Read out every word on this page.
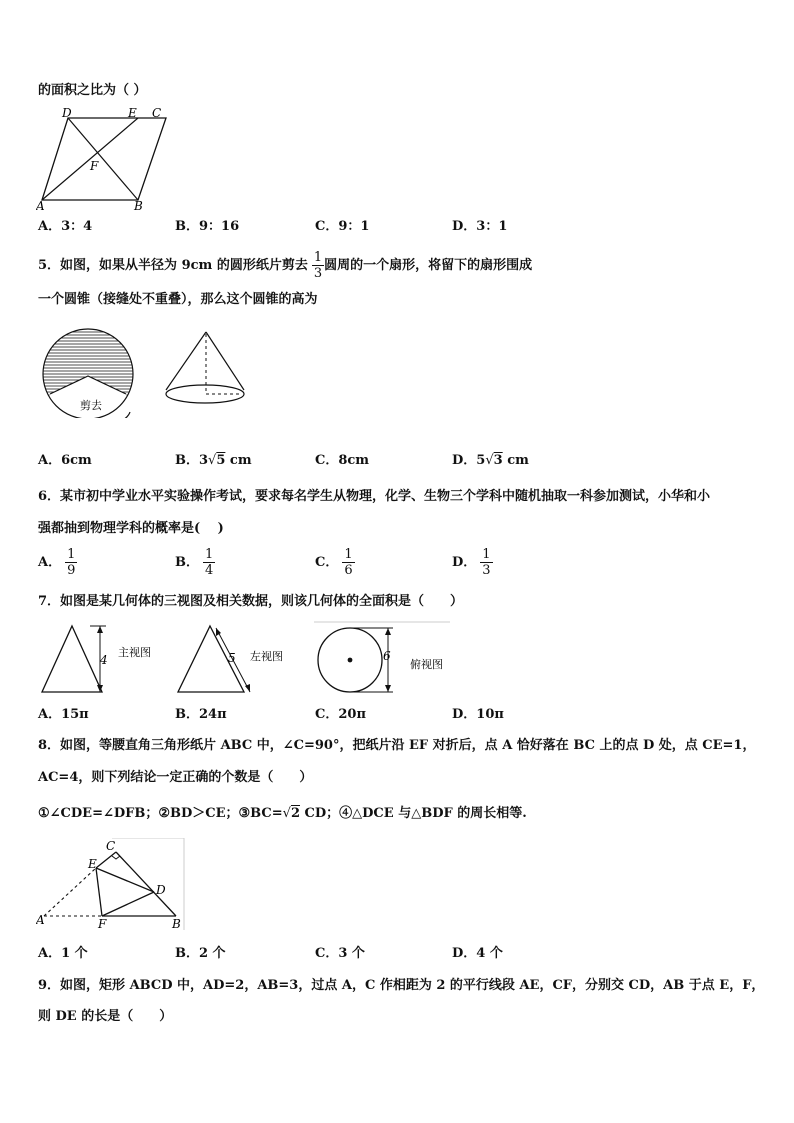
的面积之比为（ ）
D	E C
F
A	B
A．3：4	B．9：16	C．9：1	D．3：1
5．如图，如果从半径为 9cm 的圆形纸片剪去 $\frac{1}{3}$ 圆周的一个扇形，将留下的扇形围成
一个圆锥（接缝处不重叠），那么这个圆锥的高为
剪去
A．6cm	B．3√5 cm	C．8cm	D．5√3 cm
6．某市初中学业水平实验操作考试，要求每名学生从物理，化学、生物三个学科中随机抽取一科参加测试，小华和小
强都抽到物理学科的概率是(　 )
A． $\frac{1}{9}$	B． $\frac{1}{4}$	C． $\frac{1}{6}$	D． $\frac{1}{3}$
7．如图是某几何体的三视图及相关数据，则该几何体的全面积是（　　）
4
主视图	5 左视图	6
俯视图
A．15π	B．24π	C．20π	D．10π
8．如图，等腰直角三角形纸片 ABC 中，∠C=90°，把纸片沿 EF 对折后，点 A 恰好落在 BC 上的点 D 处，点 CE=1，
AC=4，则下列结论一定正确的个数是（　　）
①∠CDE=∠DFB；②BD＞CE；③BC=√2 CD；④△DCE 与△BDF 的周长相等.
C
E
D
A	F	B
A．1 个	B．2 个	C．3 个	D．4 个
9．如图，矩形 ABCD 中，AD=2，AB=3，过点 A，C 作相距为 2 的平行线段 AE，CF，分别交 CD，AB 于点 E，F，
则 DE 的长是（　　）
